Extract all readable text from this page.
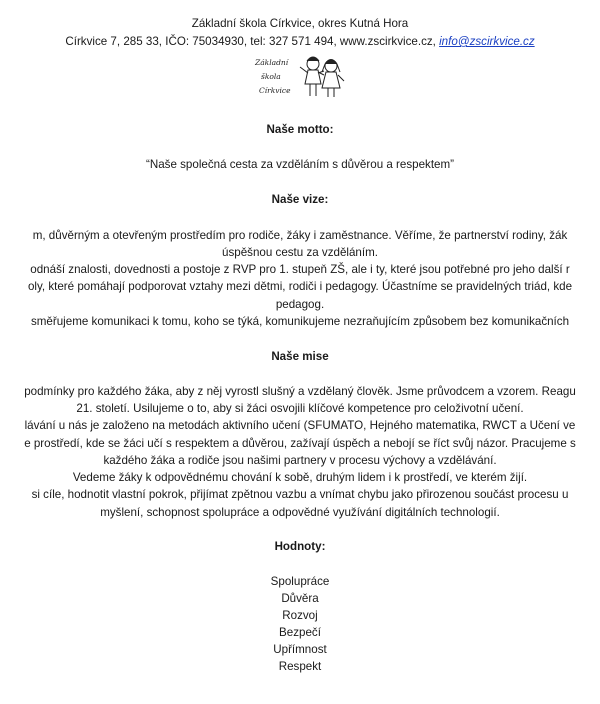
Základní škola Církvice, okres Kutná Hora
Církvice 7, 285 33, IČO: 75034930, tel: 327 571 494, www.zscirkvice.cz, info@zscirkvice.cz
Základní
škola
Církvice
Naše motto:
“Naše společná cesta za vzděláním s důvěrou a respektem”
Naše vize:
m, důvěrným a otevřeným prostředím pro rodiče, žáky i zaměstnance. Věříme, že partnerství rodiny, žák
úspěšnou cestu za vzděláním.
odnáší znalosti, dovednosti a postoje z RVP pro 1. stupeň ZŠ, ale i ty, které jsou potřebné pro jeho další r
oly, které pomáhají podporovat vztahy mezi dětmi, rodiči i pedagogy. Účastníme se pravidelných triád, kde
pedagog.
směřujeme komunikaci k tomu, koho se týká, komunikujeme nezraňujícím způsobem bez komunikačních
Naše mise
podmínky pro každého žáka, aby z něj vyrostl slušný a vzdělaný člověk. Jsme průvodcem a vzorem. Reagu
21. století. Usilujeme o to, aby si žáci osvojili klíčové kompetence pro celoživotní učení.
lávání u nás je založeno na metodách aktivního učení (SFUMATO, Hejného matematika, RWCT a Učení ve
e prostředí, kde se žáci učí s respektem a důvěrou, zažívají úspěch a nebojí se říct svůj názor. Pracujeme s
každého žáka a rodiče jsou našimi partnery v procesu výchovy a vzdělávání.
Vedeme žáky k odpovědnému chování k sobě, druhým lidem i k prostředí, ve kterém žijí.
si cíle, hodnotit vlastní pokrok, přijímat zpětnou vazbu a vnímat chybu jako přirozenou součást procesu u
myšlení, schopnost spolupráce a odpovědné využívání digitálních technologií.
Hodnoty:
Spolupráce
Důvěra
Rozvoj
Bezpečí
Upřímnost
Respekt
